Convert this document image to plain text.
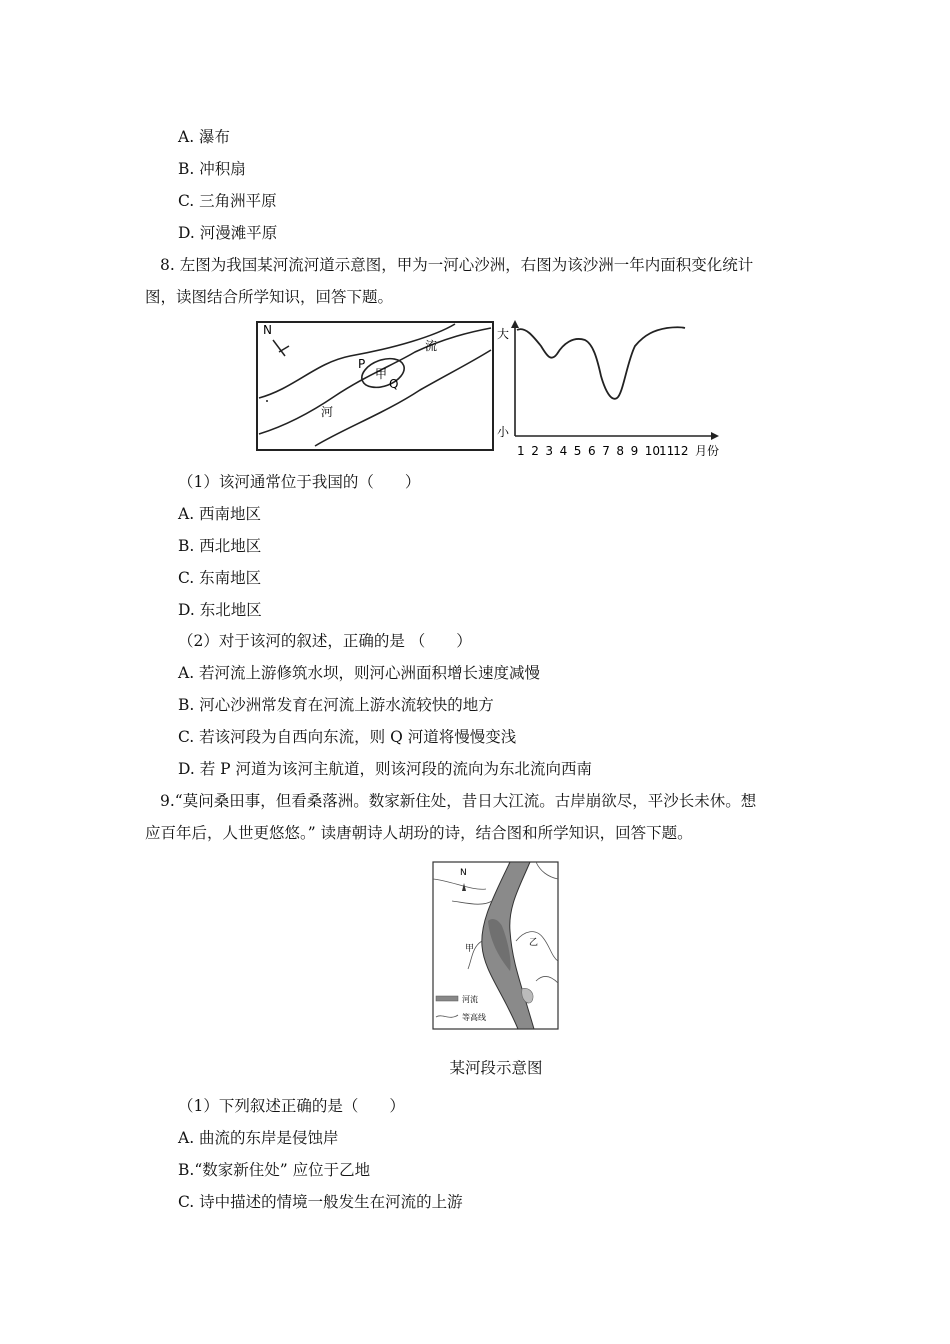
A. 瀑布
B. 冲积扇
C. 三角洲平原
D. 河漫滩平原
8. 左图为我国某河流河道示意图，甲为一河心沙洲，右图为该沙洲一年内面积变化统计
图，读图结合所学知识，回答下题。
N
P
甲
Q
流
河
大
小
1 2 3 4 5 6 7 8 9 10
11
12 月份
（1）该河通常位于我国的（　　）
A. 西南地区
B. 西北地区
C. 东南地区
D. 东北地区
（2）对于该河的叙述，正确的是 （　　）
A. 若河流上游修筑水坝，则河心洲面积增长速度减慢
B. 河心沙洲常发育在河流上游水流较快的地方
C. 若该河段为自西向东流，则 Q 河道将慢慢变浅
D. 若 P 河道为该河主航道，则该河段的流向为东北流向西南
9.“莫问桑田事，但看桑落洲。数家新住处，昔日大江流。古岸崩欲尽，平沙长未休。想
应百年后，人世更悠悠。” 读唐朝诗人胡玢的诗，结合图和所学知识，回答下题。
N
甲
乙
河流
等高线
某河段示意图
（1）下列叙述正确的是（　　）
A. 曲流的东岸是侵蚀岸
B.“数家新住处” 应位于乙地
C. 诗中描述的情境一般发生在河流的上游
